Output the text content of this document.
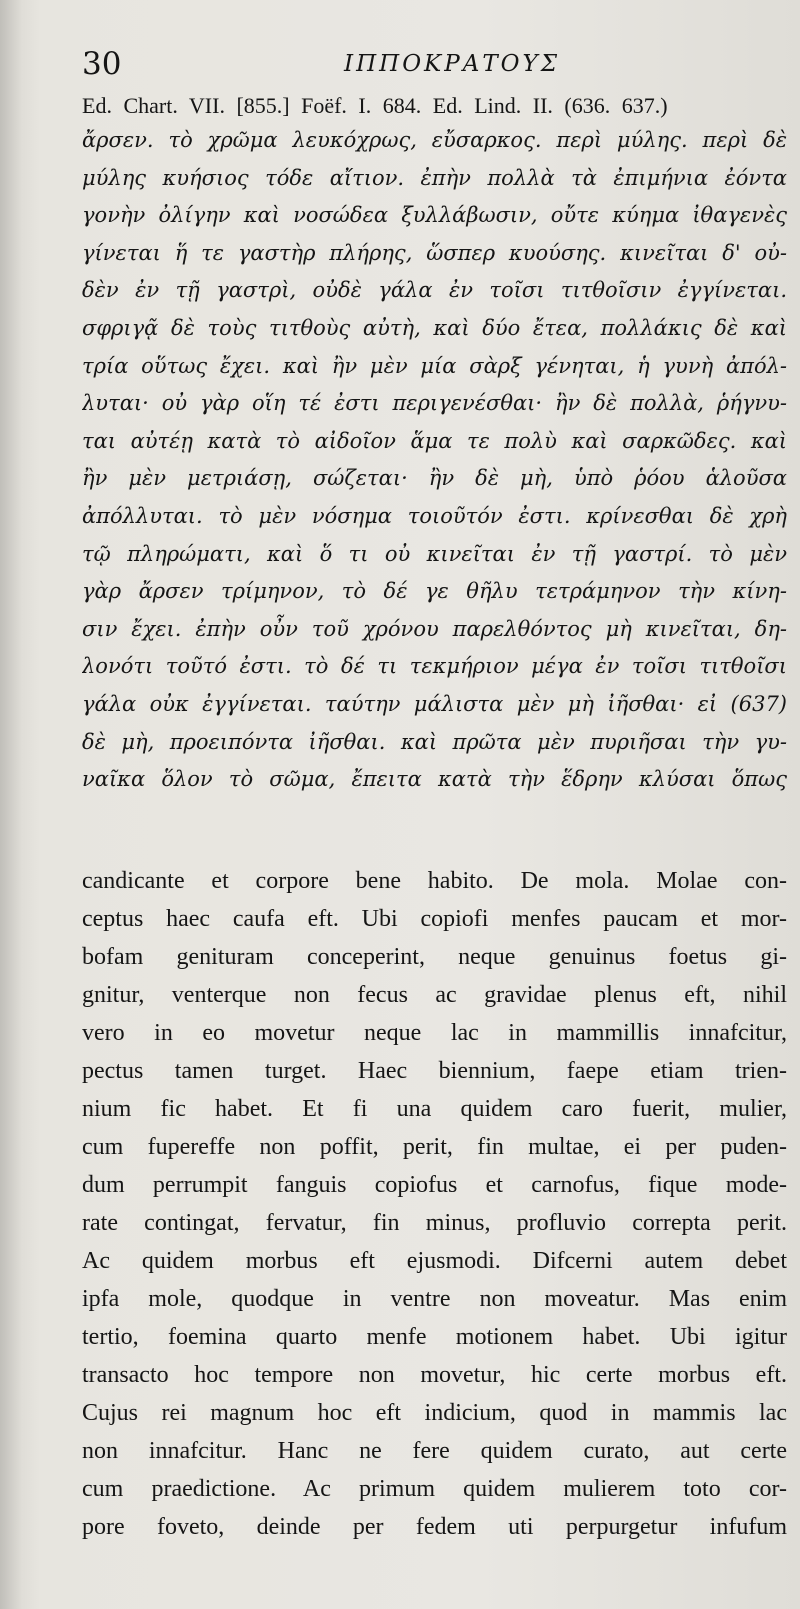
30	ΙΠΠΟΚΡΑΤΟΥΣ
Ed. Chart. VII. [855.] Foëf. I. 684. Ed. Lind. II. (636. 637.)
ἄρσεν. τὸ χρῶμα λευκόχρως, εὔσαρκος. περὶ μύλης. περὶ δὲ
μύλης κυήσιος τόδε αἴτιον. ἐπὴν πολλὰ τὰ ἐπιμήνια ἐόντα
γονὴν ὀλίγην καὶ νοσώδεα ξυλλάβωσιν, οὔτε κύημα ἰθαγενὲς
γίνεται ἥ τε γαστὴρ πλήρης, ὥσπερ κυούσης. κινεῖται δ' οὐ-
δὲν ἐν τῇ γαστρὶ, οὐδὲ γάλα ἐν τοῖσι τιτθοῖσιν ἐγγίνεται.
σφριγᾷ δὲ τοὺς τιτθοὺς αὐτὴ, καὶ δύο ἔτεα, πολλάκις δὲ καὶ
τρία οὕτως ἔχει. καὶ ἢν μὲν μία σὰρξ γένηται, ἡ γυνὴ ἀπόλ-
λυται· οὐ γὰρ οἵη τέ ἐστι περιγενέσθαι· ἢν δὲ πολλὰ, ῥήγνυ-
ται αὐτέῃ κατὰ τὸ αἰδοῖον ἅμα τε πολὺ καὶ σαρκῶδες. καὶ
ἢν μὲν μετριάσῃ, σώζεται· ἢν δὲ μὴ, ὑπὸ ῥόου ἁλοῦσα
ἀπόλλυται. τὸ μὲν νόσημα τοιοῦτόν ἐστι. κρίνεσθαι δὲ χρὴ
τῷ πληρώματι, καὶ ὅ τι οὐ κινεῖται ἐν τῇ γαστρί. τὸ μὲν
γὰρ ἄρσεν τρίμηνον, τὸ δέ γε θῆλυ τετράμηνον τὴν κίνη-
σιν ἔχει. ἐπὴν οὖν τοῦ χρόνου παρελθόντος μὴ κινεῖται, δη-
λονότι τοῦτό ἐστι. τὸ δέ τι τεκμήριον μέγα ἐν τοῖσι τιτθοῖσι
γάλα οὐκ ἐγγίνεται. ταύτην μάλιστα μὲν μὴ ἰῆσθαι· εἰ (637)
δὲ μὴ, προειπόντα ἰῆσθαι. καὶ πρῶτα μὲν πυριῆσαι τὴν γυ-
ναῖκα ὅλον τὸ σῶμα, ἔπειτα κατὰ τὴν ἕδρην κλύσαι ὅπως
candicante et corpore bene habito. De mola. Molae con-
ceptus haec caufa eft. Ubi copiofi menfes paucam et mor-
bofam genituram conceperint, neque genuinus foetus gi-
gnitur, venterque non fecus ac gravidae plenus eft, nihil
vero in eo movetur neque lac in mammillis innafcitur,
pectus tamen turget. Haec biennium, faepe etiam trien-
nium fic habet. Et fi una quidem caro fuerit, mulier,
cum fupereffe non poffit, perit, fin multae, ei per puden-
dum perrumpit fanguis copiofus et carnofus, fique mode-
rate contingat, fervatur, fin minus, profluvio correpta perit.
Ac quidem morbus eft ejusmodi. Difcerni autem debet
ipfa mole, quodque in ventre non moveatur. Mas enim
tertio, foemina quarto menfe motionem habet. Ubi igitur
transacto hoc tempore non movetur, hic certe morbus eft.
Cujus rei magnum hoc eft indicium, quod in mammis lac
non innafcitur. Hanc ne fere quidem curato, aut certe
cum praedictione. Ac primum quidem mulierem toto cor-
pore foveto, deinde per fedem uti perpurgetur infufum
